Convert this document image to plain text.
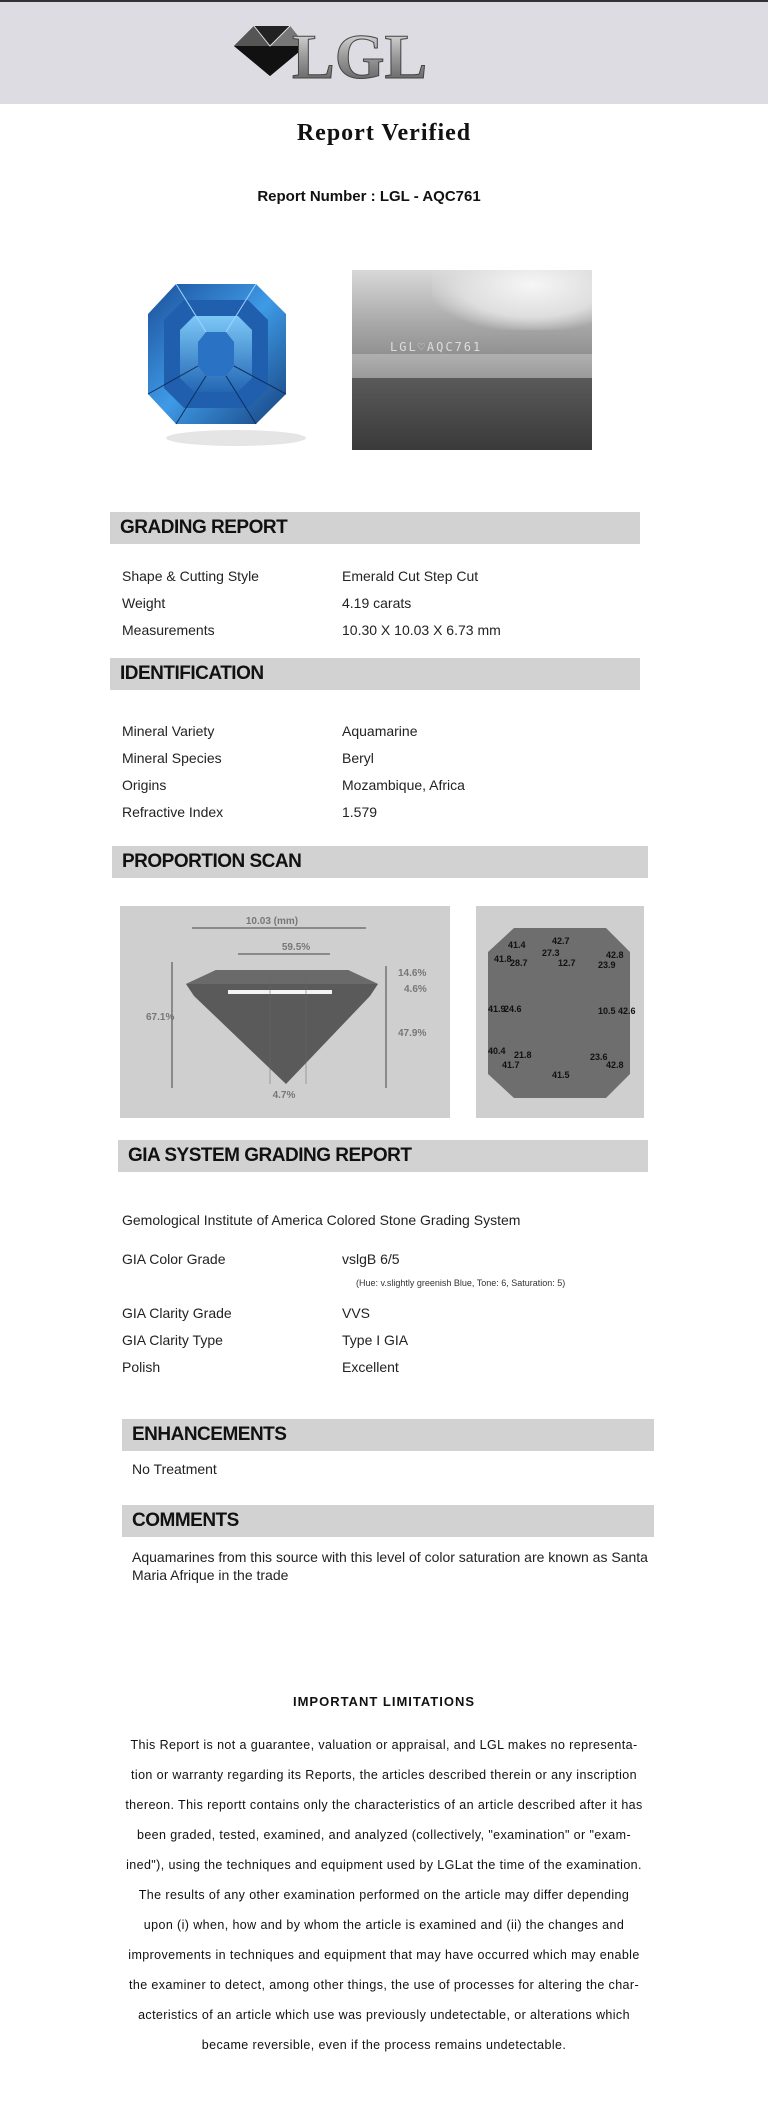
LGL
Report Verified
Report Number : LGL - AQC761
LGL♡AQC761
GRADING REPORT
Shape & Cutting Style	Emerald Cut Step Cut
Weight	4.19 carats
Measurements	10.30 X 10.03 X 6.73 mm
IDENTIFICATION
Mineral Variety	Aquamarine
Mineral Species	Beryl
Origins	Mozambique, Africa
Refractive Index	1.579
PROPORTION SCAN
10.03 (mm)
59.5%
67.1%
14.6%
4.6%
47.9%
4.7%
41.4	42.7
27.3
12.7
42.8
41.8
28.7	23.9
41.9
24.6	10.5 42.6
40.4 21.8	23.6
41.7
41.5
42.8
GIA SYSTEM GRADING REPORT
Gemological Institute of America Colored Stone Grading System
GIA Color Grade	vslgB 6/5
(Hue: v.slightly greenish Blue, Tone: 6, Saturation: 5)
GIA Clarity Grade	VVS
GIA Clarity Type	Type I GIA
Polish	Excellent
ENHANCEMENTS
No Treatment
COMMENTS
Aquamarines from this source with this level of color saturation are known as Santa
Maria Afrique in the trade
IMPORTANT LIMITATIONS
This Report is not a guarantee, valuation or appraisal, and LGL makes no representa-
tion or warranty regarding its Reports, the articles described therein or any inscription
thereon. This reportt contains only the characteristics of an article described after it has
been graded, tested, examined, and analyzed (collectively, "examination" or "exam-
ined"), using the techniques and equipment used by LGLat the time of the examination.
The results of any other examination performed on the article may differ depending
upon (i) when, how and by whom the article is examined and (ii) the changes and
improvements in techniques and equipment that may have occurred which may enable
the examiner to detect, among other things, the use of processes for altering the char-
acteristics of an article which use was previously undetectable, or alterations which
became reversible, even if the process remains undetectable.
